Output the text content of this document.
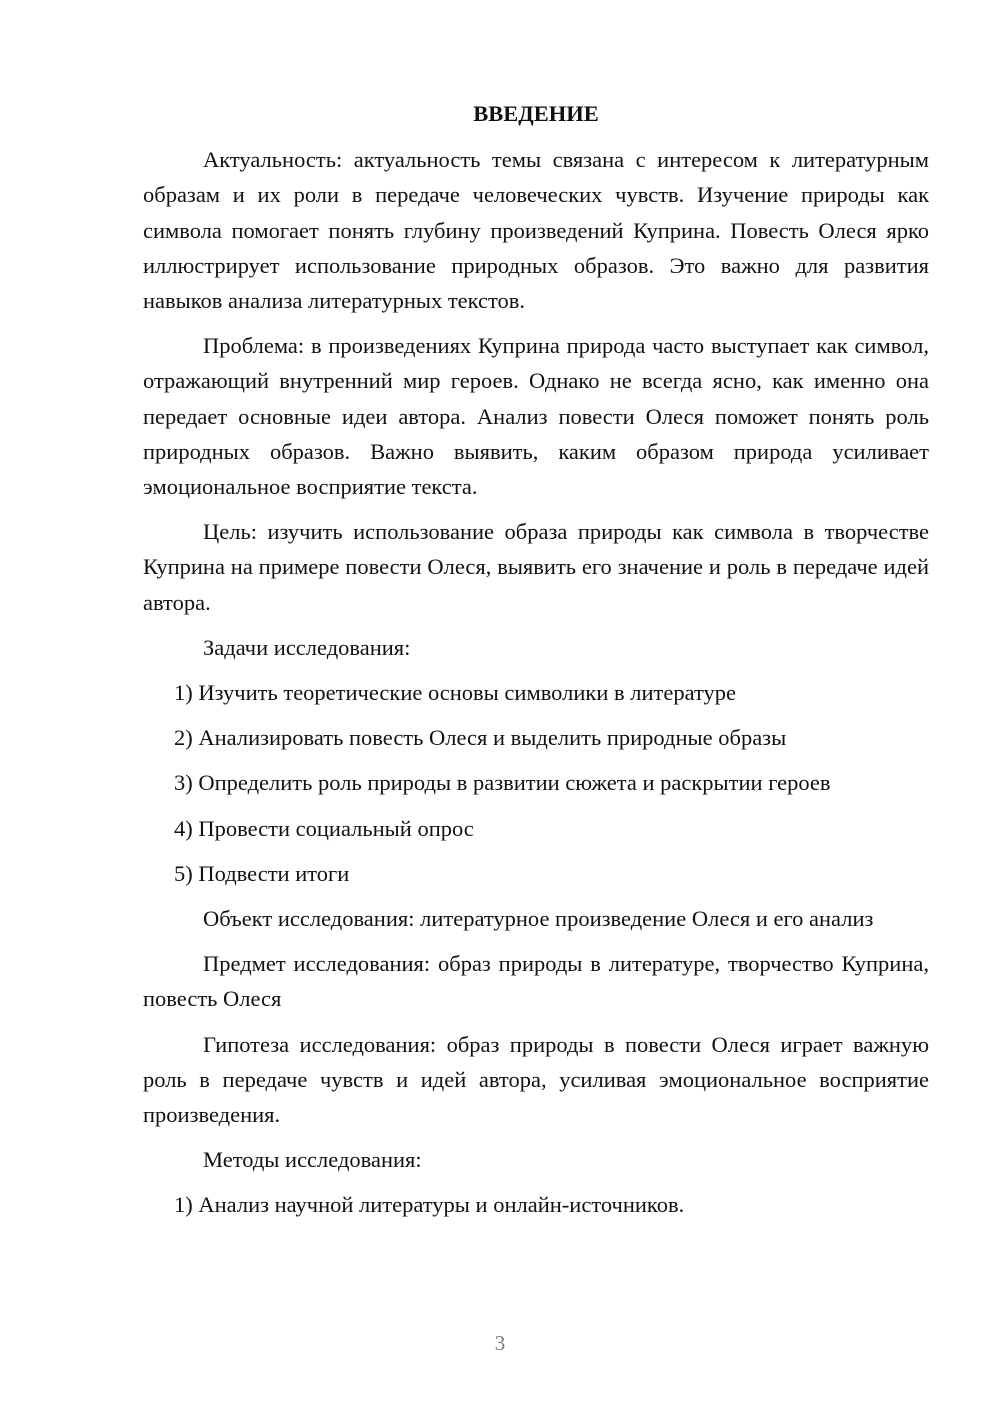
ВВЕДЕНИЕ

Актуальность: актуальность темы связана с интересом к литературным образам и их роли в передаче человеческих чувств. Изучение природы как символа помогает понять глубину произведений Куприна. Повесть Олеся ярко иллюстрирует использование природных образов. Это важно для развития навыков анализа литературных текстов.

Проблема: в произведениях Куприна природа часто выступает как символ, отражающий внутренний мир героев. Однако не всегда ясно, как именно она передает основные идеи автора. Анализ повести Олеся поможет понять роль природных образов. Важно выявить, каким образом природа усиливает эмоциональное восприятие текста.

Цель: изучить использование образа природы как символа в творчестве Куприна на примере повести Олеся, выявить его значение и роль в передаче идей автора.

Задачи исследования:

1) Изучить теоретические основы символики в литературе

2) Анализировать повесть Олеся и выделить природные образы

3) Определить роль природы в развитии сюжета и раскрытии героев

4) Провести социальный опрос

5) Подвести итоги

Объект исследования: литературное произведение Олеся и его анализ

Предмет исследования: образ природы в литературе, творчество Куприна, повесть Олеся

Гипотеза исследования: образ природы в повести Олеся играет важную роль в передаче чувств и идей автора, усиливая эмоциональное восприятие произведения.

Методы исследования:

1) Анализ научной литературы и онлайн-источников.

3
